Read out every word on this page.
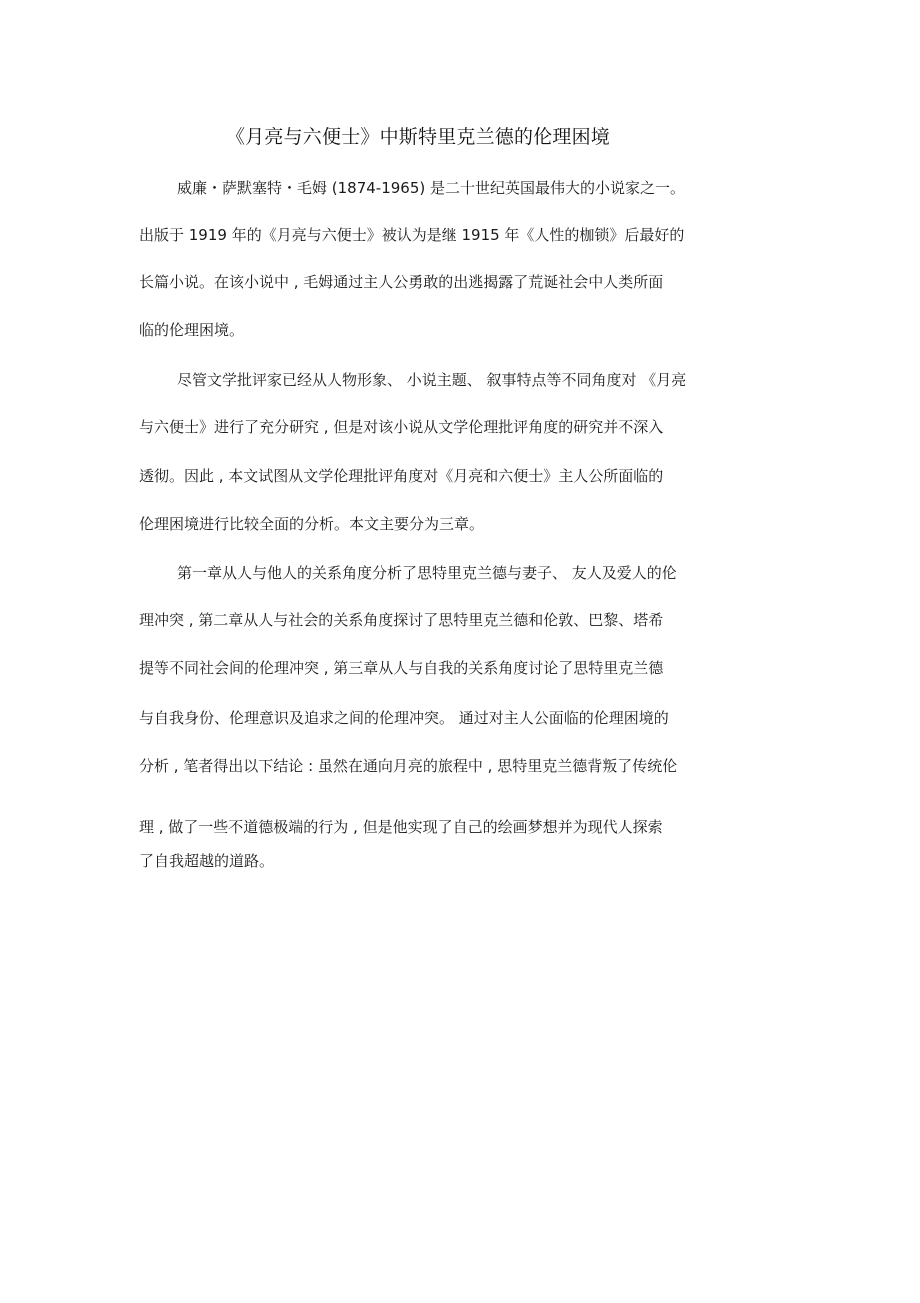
《月亮与六便士》中斯特里克兰德的伦理困境
威廉・萨默塞特・毛姆 (1874-1965) 是二十世纪英国最伟大的小说家之一。
出版于 1919 年的《月亮与六便士》被认为是继 1915 年《人性的枷锁》后最好的
长篇小说。在该小说中 , 毛姆通过主人公勇敢的出逃揭露了荒诞社会中人类所面
临的伦理困境。
尽管文学批评家已经从人物形象、 小说主题、 叙事特点等不同角度对 《月亮
与六便士》进行了充分研究 , 但是对该小说从文学伦理批评角度的研究并不深入
透彻。因此 , 本文试图从文学伦理批评角度对《月亮和六便士》主人公所面临的
伦理困境进行比较全面的分析。本文主要分为三章。
第一章从人与他人的关系角度分析了思特里克兰德与妻子、 友人及爱人的伦
理冲突 , 第二章从人与社会的关系角度探讨了思特里克兰德和伦敦、巴黎、塔希
提等不同社会间的伦理冲突 , 第三章从人与自我的关系角度讨论了思特里克兰德
与自我身份、伦理意识及追求之间的伦理冲突。 通过对主人公面临的伦理困境的
分析 , 笔者得出以下结论 : 虽然在通向月亮的旅程中 , 思特里克兰德背叛了传统伦
理 , 做了一些不道德极端的行为 , 但是他实现了自己的绘画梦想并为现代人探索
了自我超越的道路。
